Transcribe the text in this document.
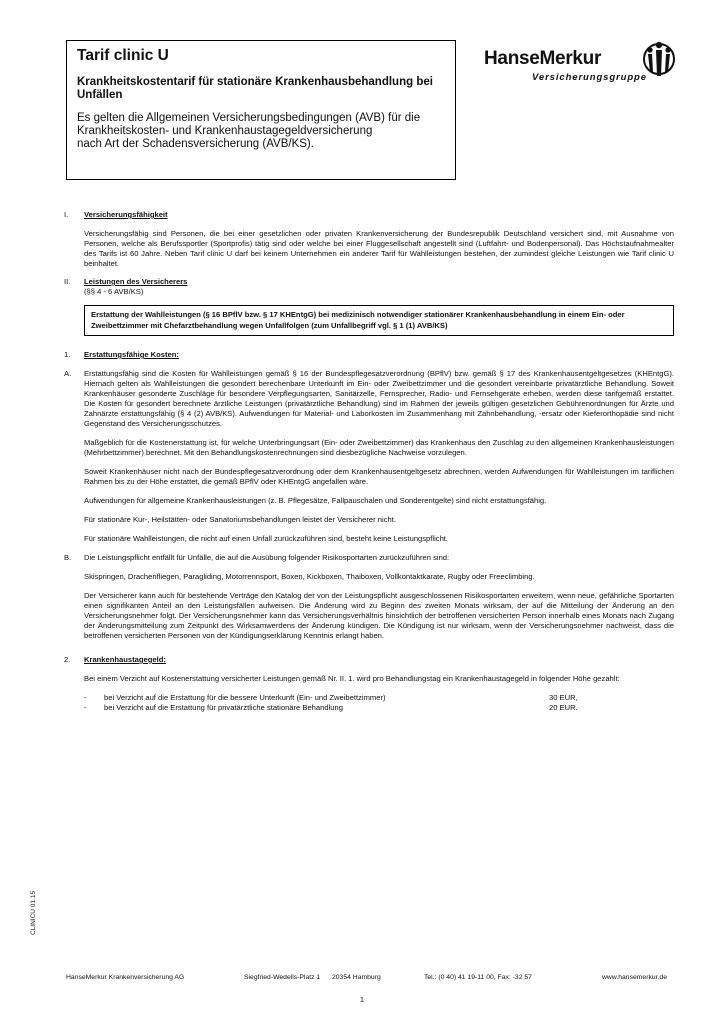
Tarif clinic U
Krankheitskostentarif für stationäre Krankenhausbehandlung bei Unfällen
Es gelten die Allgemeinen Versicherungsbedingungen (AVB) für die
Krankheitskosten- und Krankenhaustagegeldversicherung
nach Art der Schadensversicherung (AVB/KS).
HanseMerkur
Versicherungsgruppe
I. Versicherungsfähigkeit

Versicherungsfähig sind Personen, die bei einer gesetzlichen oder privaten Krankenversicherung der Bundesrepublik Deutschland versichert sind, mit Ausnahme von Personen, welche als Berufssportler (Sportprofis) tätig sind oder welche bei einer Fluggesellschaft angestellt sind (Luftfahrt- und Bodenpersonal). Das Höchstaufnahmealter des Tarifs ist 60 Jahre. Neben Tarif clinic U darf bei keinem Unternehmen ein anderer Tarif für Wahlleistungen bestehen, der zumindest gleiche Leistungen wie Tarif clinic U beinhaltet.

II. Leistungen des Versicherers
(§§ 4 - 6 AVB/KS)
Erstattung der Wahlleistungen (§ 16 BPflV bzw. § 17 KHEntgG) bei medizinisch notwendiger stationärer Krankenhausbehandlung in einem Ein- oder Zweibettzimmer mit Chefarztbehandlung wegen Unfallfolgen (zum Unfallbegriff vgl. § 1 (1) AVB/KS)
1. Erstattungsfähige Kosten:
A. Erstattungsfähig sind die Kosten für Wahlleistungen gemäß § 16 der Bundespflegesatzverordnung (BPflV) bzw. gemäß § 17 des Krankenhausentgeltgesetzes (KHEntgG). Hiernach gelten als Wahlleistungen die gesondert berechenbare Unterkunft im Ein- oder Zweibettzimmer und die gesondert vereinbarte privatärztliche Behandlung. Soweit Krankenhäuser gesonderte Zuschläge für besondere Verpflegungsarten, Sanitärzelle, Fernsprecher, Radio- und Fernsehgeräte erheben, werden diese tarifgemäß erstattet. Die Kosten für gesondert berechnete ärztliche Leistungen (privatärztliche Behandlung) sind im Rahmen der jeweils gültigen gesetzlichen Gebührenordnungen für Ärzte und Zahnärzte erstattungsfähig (§ 4 (2) AVB/KS). Aufwendungen für Material- und Laborkosten im Zusammenhang mit Zahnbehandlung, -ersatz oder Kieferorthopädie sind nicht Gegenstand des Versicherungsschutzes.

Maßgeblich für die Kostenerstattung ist, für welche Unterbringungsart (Ein- oder Zweibettzimmer) das Krankenhaus den Zuschlag zu den allgemeinen Krankenhausleistungen (Mehrbettzimmer) berechnet. Mit den Behandlungskostenrechnungen sind diesbezügliche Nachweise vorzulegen.

Soweit Krankenhäuser nicht nach der Bundespflegesatzverordnung oder dem Krankenhausentgeltgesetz abrechnen, werden Aufwendungen für Wahlleistungen im tariflichen Rahmen bis zu der Höhe erstattet, die gemäß BPflV oder KHEntgG angefallen wäre.

Aufwendungen für allgemeine Krankenhausleistungen (z. B. Pflegesätze, Fallpauschalen und Sonderentgelte) sind nicht erstattungsfähig.

Für stationäre Kur-, Heilstätten- oder Sanatoriumsbehandlungen leistet der Versicherer nicht.

Für stationäre Wahlleistungen, die nicht auf einen Unfall zurückzuführen sind, besteht keine Leistungspflicht.

B. Die Leistungspflicht entfällt für Unfälle, die auf die Ausübung folgender Risikosportarten zurückzuführen sind:

Skispringen, Drachenfliegen, Paragliding, Motorrennsport, Boxen, Kickboxen, Thaiboxen, Vollkontaktkarate, Rugby oder Freeclimbing.

Der Versicherer kann auch für bestehende Verträge den Katalog der von der Leistungspflicht ausgeschlossenen Risikosportarten erweitern, wenn neue, gefährliche Sportarten einen signifikanten Anteil an den Leistungsfällen aufweisen. Die Änderung wird zu Beginn des zweiten Monats wirksam, der auf die Mitteilung der Änderung an den Versicherungsnehmer folgt. Der Versicherungsnehmer kann das Versicherungsverhältnis hinsichtlich der betroffenen versicherten Person innerhalb eines Monats nach Zugang der Änderungsmitteilung zum Zeitpunkt des Wirksamwerdens der Änderung kündigen. Die Kündigung ist nur wirksam, wenn der Versicherungsnehmer nachweist, dass die betroffenen versicherten Personen von der Kündigungserklärung Kenntnis erlangt haben.

2. Krankenhaustagegeld:

Bei einem Verzicht auf Kostenerstattung versicherter Leistungen gemäß Nr. II. 1. wird pro Behandlungstag ein Krankenhaustagegeld in folgender Höhe gezahlt:

- bei Verzicht auf die Erstattung für die bessere Unterkunft (Ein- und Zweibettzimmer)	30 EUR,
- bei Verzicht auf die Erstattung für privatärztliche stationäre Behandlung	20 EUR.
CLINICU 01.15
HanseMerkur Krankenversicherung AG	Siegfried-Wedells-Platz 1 20354 Hamburg	Tel.: (0 40) 41 19-11 00, Fax: -32 57	www.hansemerkur.de
1
